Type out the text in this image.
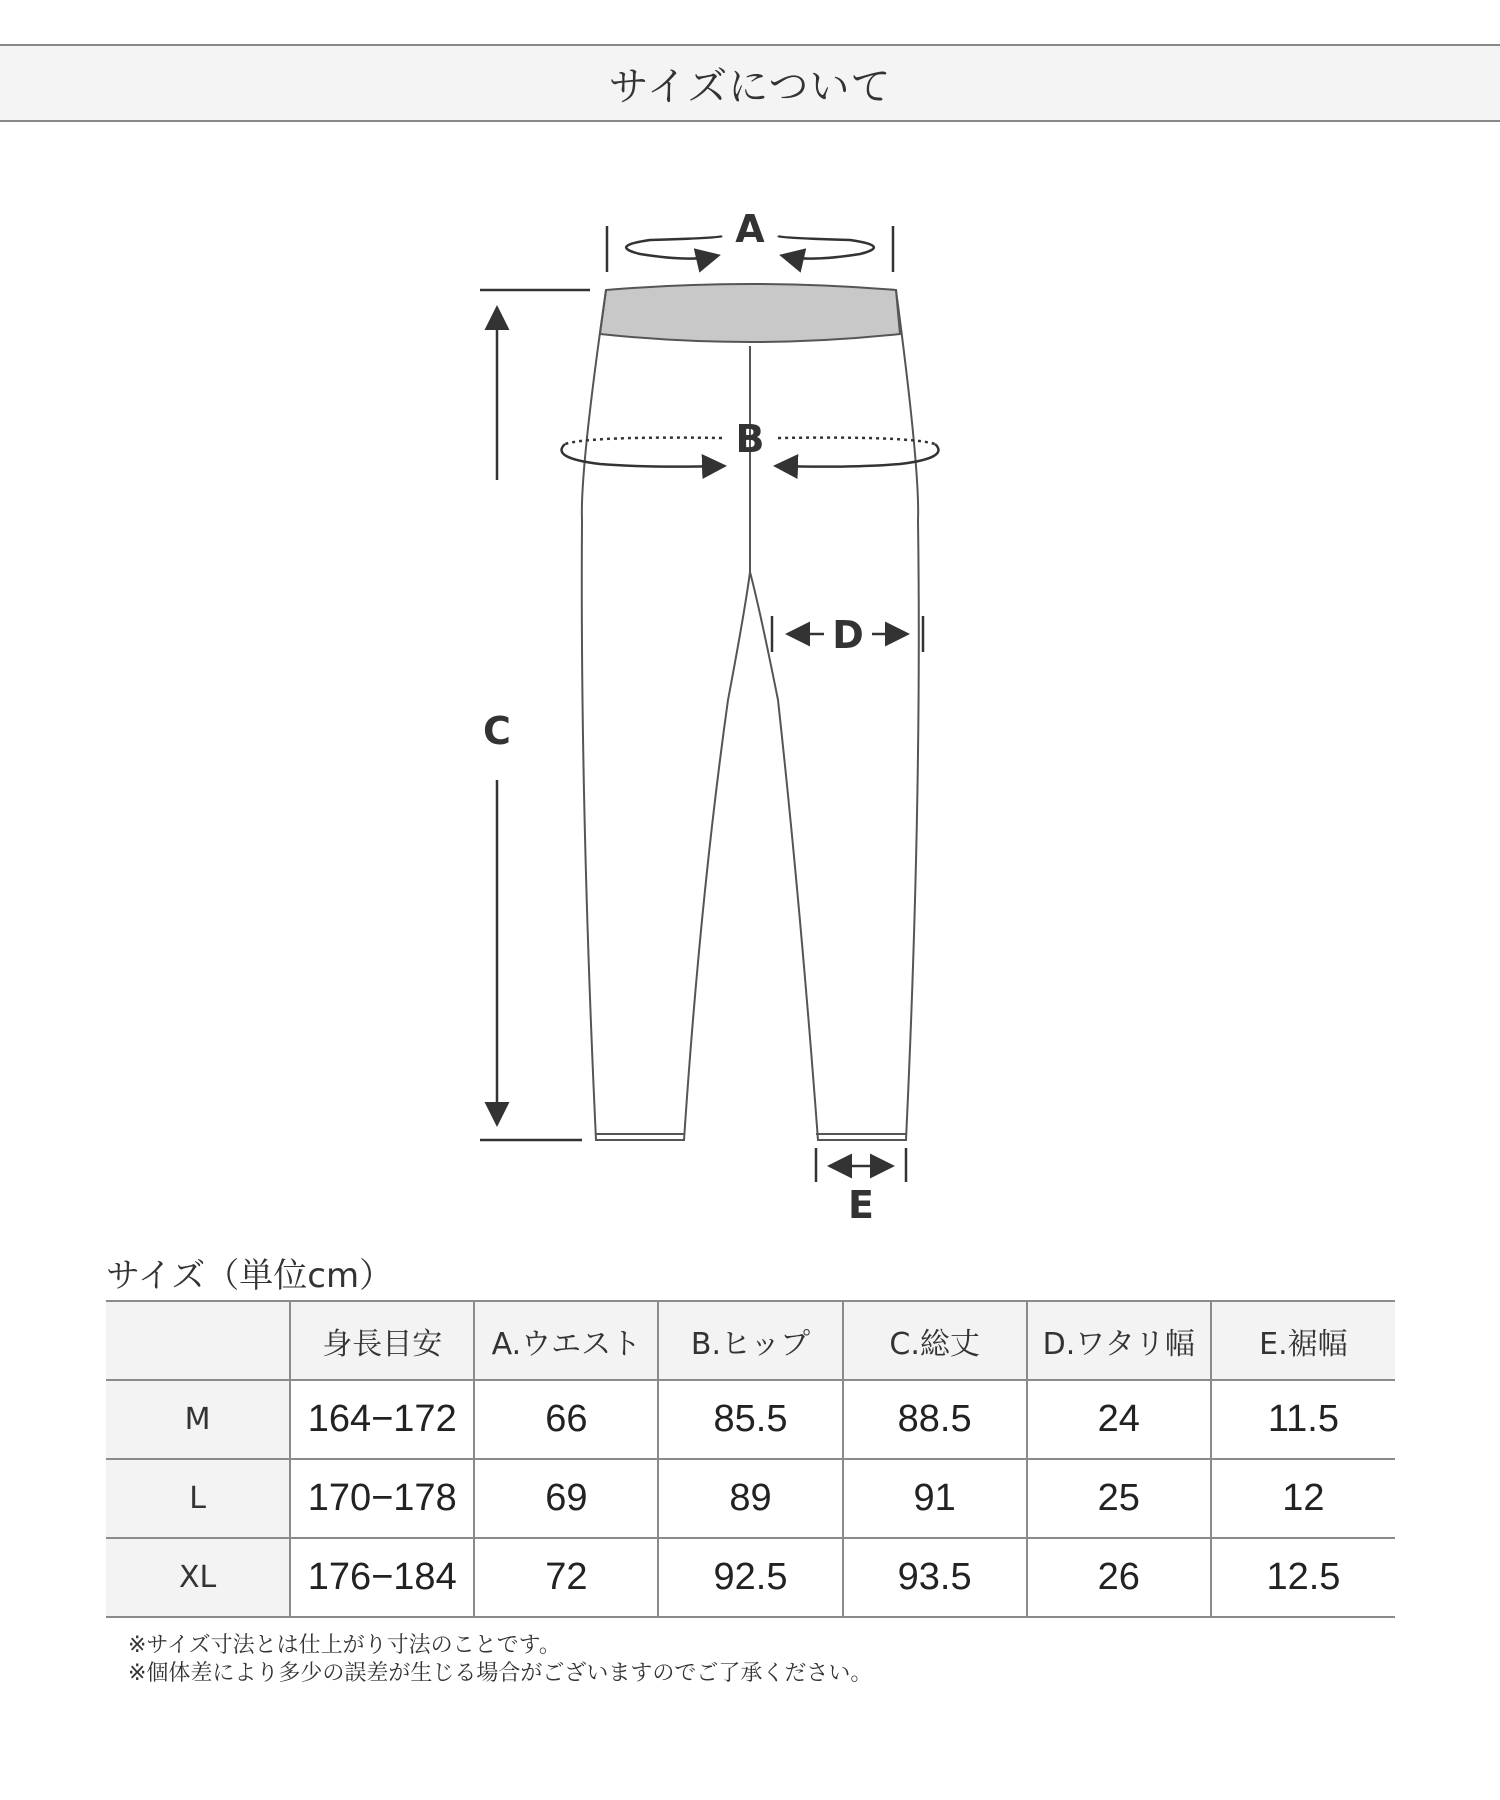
サイズについて
A
B
C
D
E
サイズ（単位cm）
	身長目安	A.ウエスト	B.ヒップ	C.総丈	D.ワタリ幅	E.裾幅
M	164−172	66	85.5	88.5	24	11.5
L	170−178	69	89	91	25	12
XL	176−184	72	92.5	93.5	26	12.5
※サイズ寸法とは仕上がり寸法のことです。
※個体差により多少の誤差が生じる場合がございますのでご了承ください。
